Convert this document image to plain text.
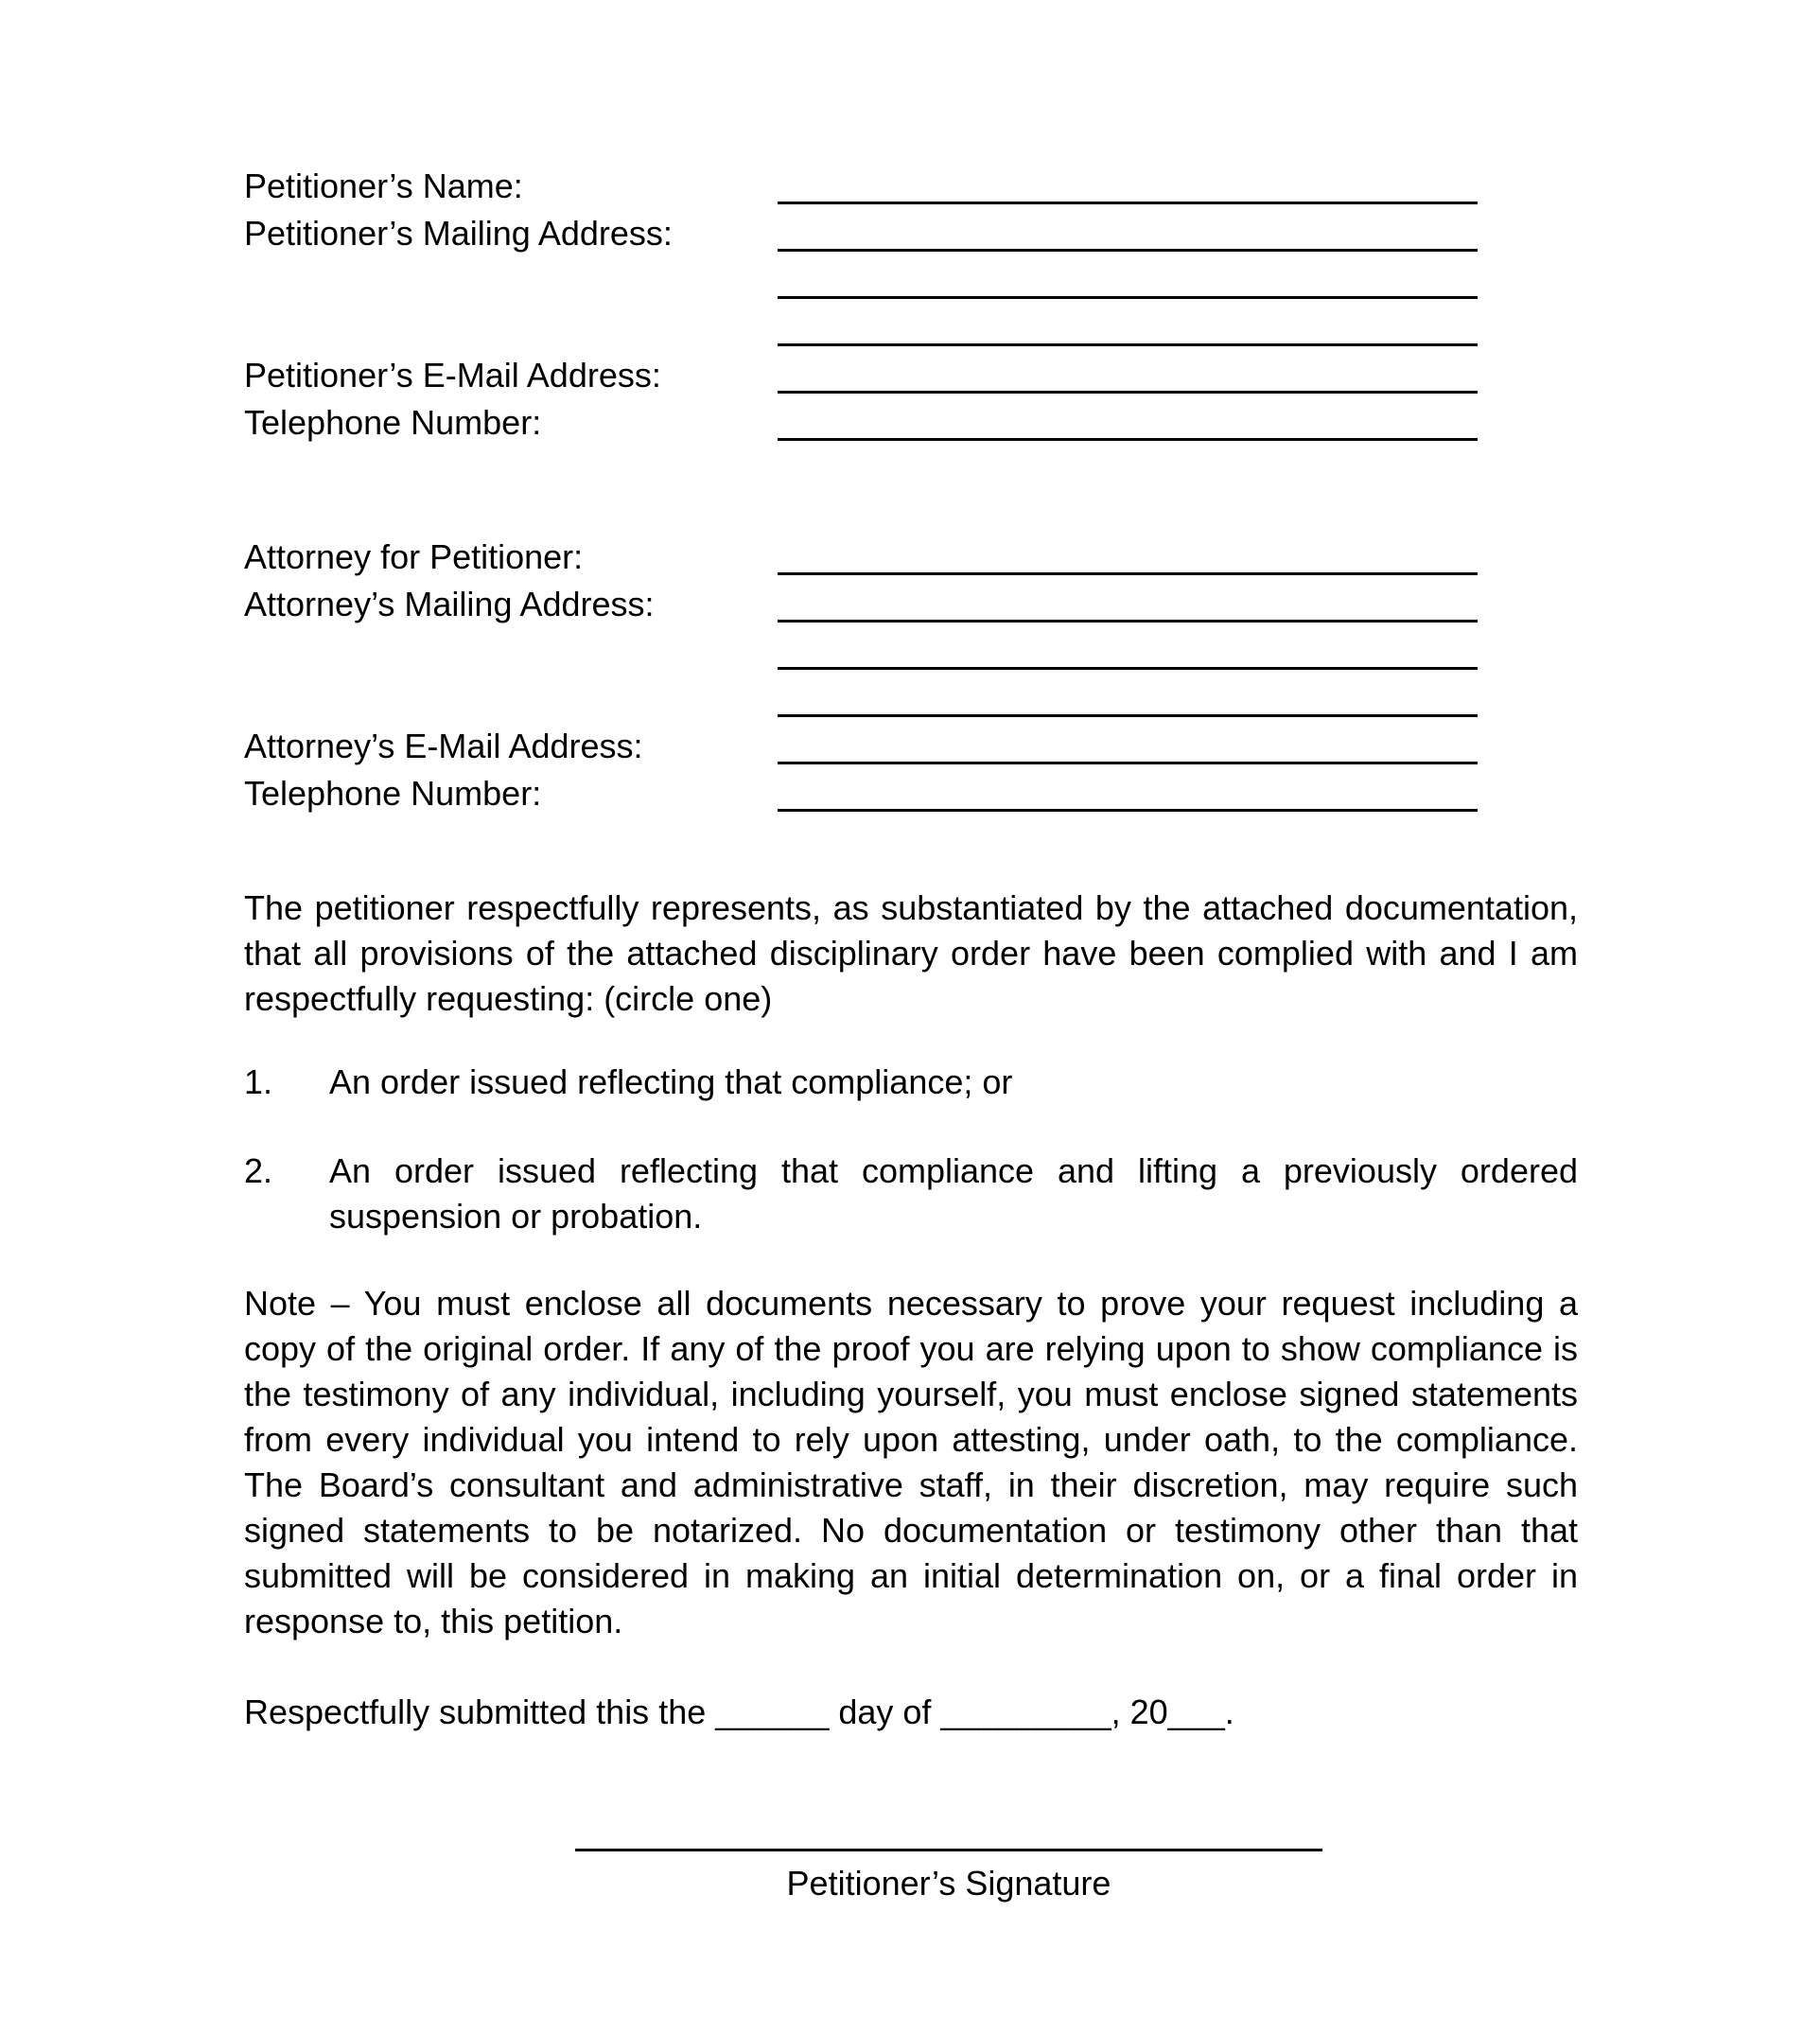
Petitioner’s Name:
Petitioner’s Mailing Address:
Petitioner’s E-Mail Address:
Telephone Number:
Attorney for Petitioner:
Attorney’s Mailing Address:
Attorney’s E-Mail Address:
Telephone Number:

The petitioner respectfully represents, as substantiated by the attached documentation, that all provisions of the attached disciplinary order have been complied with and I am respectfully requesting: (circle one)

1.	An order issued reflecting that compliance; or
2.	An order issued reflecting that compliance and lifting a previously ordered suspension or probation.

Note – You must enclose all documents necessary to prove your request including a copy of the original order. If any of the proof you are relying upon to show compliance is the testimony of any individual, including yourself, you must enclose signed statements from every individual you intend to rely upon attesting, under oath, to the compliance. The Board’s consultant and administrative staff, in their discretion, may require such signed statements to be notarized. No documentation or testimony other than that submitted will be considered in making an initial determination on, or a final order in response to, this petition.

Respectfully submitted this the ______ day of _________, 20___.

Petitioner’s Signature
